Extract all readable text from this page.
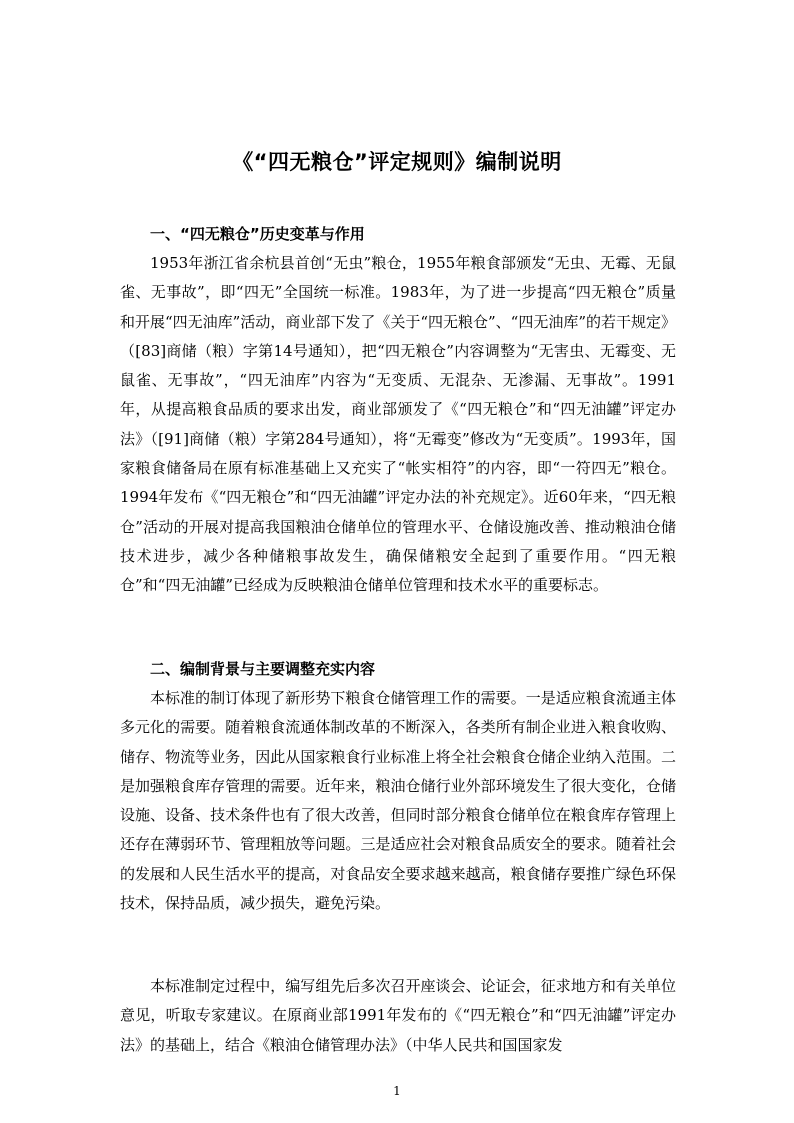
《“四无粮仓”评定规则》编制说明
一、“四无粮仓”历史变革与作用

1953年浙江省余杭县首创“无虫”粮仓，1955年粮食部颁发“无虫、无霉、无鼠雀、无事故”，即“四无”全国统一标准。1983年，为了进一步提高“四无粮仓”质量和开展“四无油库”活动，商业部下发了《关于“四无粮仓”、“四无油库”的若干规定》（[83]商储（粮）字第14号通知），把“四无粮仓”内容调整为“无害虫、无霉变、无鼠雀、无事故”，“四无油库”内容为“无变质、无混杂、无渗漏、无事故”。1991年，从提高粮食品质的要求出发，商业部颁发了《“四无粮仓”和“四无油罐”评定办法》（[91]商储（粮）字第284号通知），将“无霉变”修改为“无变质”。1993年，国家粮食储备局在原有标准基础上又充实了“帐实相符”的内容，即“一符四无”粮仓。1994年发布《“四无粮仓”和“四无油罐”评定办法的补充规定》。近60年来，“四无粮仓”活动的开展对提高我国粮油仓储单位的管理水平、仓储设施改善、推动粮油仓储技术进步，减少各种储粮事故发生，确保储粮安全起到了重要作用。“四无粮仓”和“四无油罐”已经成为反映粮油仓储单位管理和技术水平的重要标志。

二、编制背景与主要调整充实内容

本标准的制订体现了新形势下粮食仓储管理工作的需要。一是适应粮食流通主体多元化的需要。随着粮食流通体制改革的不断深入，各类所有制企业进入粮食收购、储存、物流等业务，因此从国家粮食行业标准上将全社会粮食仓储企业纳入范围。二是加强粮食库存管理的需要。近年来，粮油仓储行业外部环境发生了很大变化，仓储设施、设备、技术条件也有了很大改善，但同时部分粮食仓储单位在粮食库存管理上还存在薄弱环节、管理粗放等问题。三是适应社会对粮食品质安全的要求。随着社会的发展和人民生活水平的提高，对食品安全要求越来越高，粮食储存要推广绿色环保技术，保持品质，减少损失，避免污染。

本标准制定过程中，编写组先后多次召开座谈会、论证会，征求地方和有关单位意见，听取专家建议。在原商业部1991年发布的《“四无粮仓”和“四无油罐”评定办法》的基础上，结合《粮油仓储管理办法》（中华人民共和国国家发

1
